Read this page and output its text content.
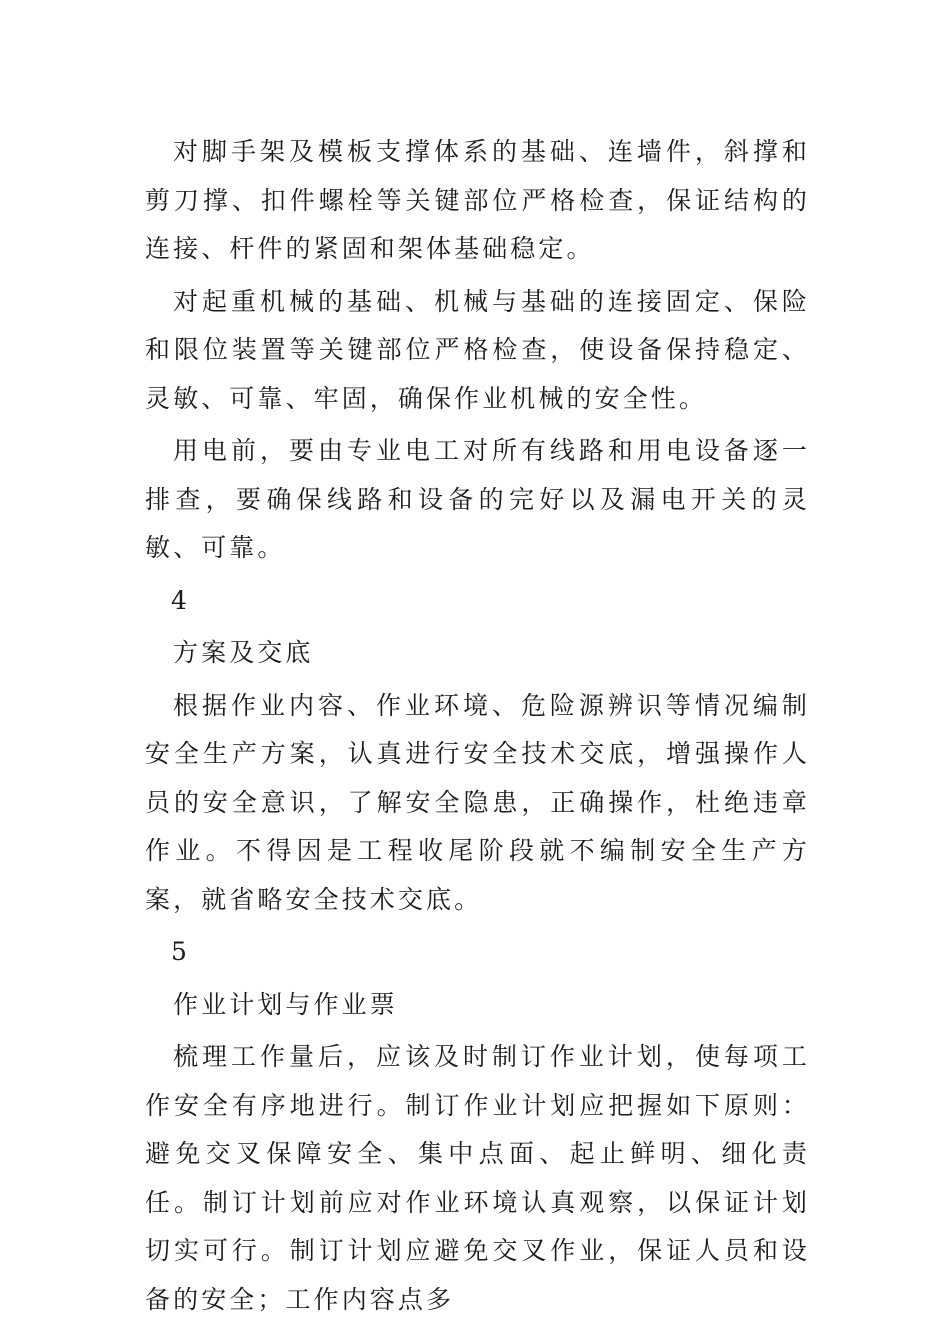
对脚手架及模板支撑体系的基础、连墙件，斜撑和剪刀撑、扣件螺栓等关键部位严格检查，保证结构的连接、杆件的紧固和架体基础稳定。

对起重机械的基础、机械与基础的连接固定、保险和限位装置等关键部位严格检查，使设备保持稳定、灵敏、可靠、牢固，确保作业机械的安全性。

用电前，要由专业电工对所有线路和用电设备逐一排查，要确保线路和设备的完好以及漏电开关的灵敏、可靠。

4

方案及交底

根据作业内容、作业环境、危险源辨识等情况编制安全生产方案，认真进行安全技术交底，增强操作人员的安全意识，了解安全隐患，正确操作，杜绝违章作业。不得因是工程收尾阶段就不编制安全生产方案，就省略安全技术交底。

5

作业计划与作业票

梳理工作量后，应该及时制订作业计划，使每项工作安全有序地进行。制订作业计划应把握如下原则：避免交叉保障安全、集中点面、起止鲜明、细化责任。制订计划前应对作业环境认真观察，以保证计划切实可行。制订计划应避免交叉作业，保证人员和设备的安全；工作内容点多
